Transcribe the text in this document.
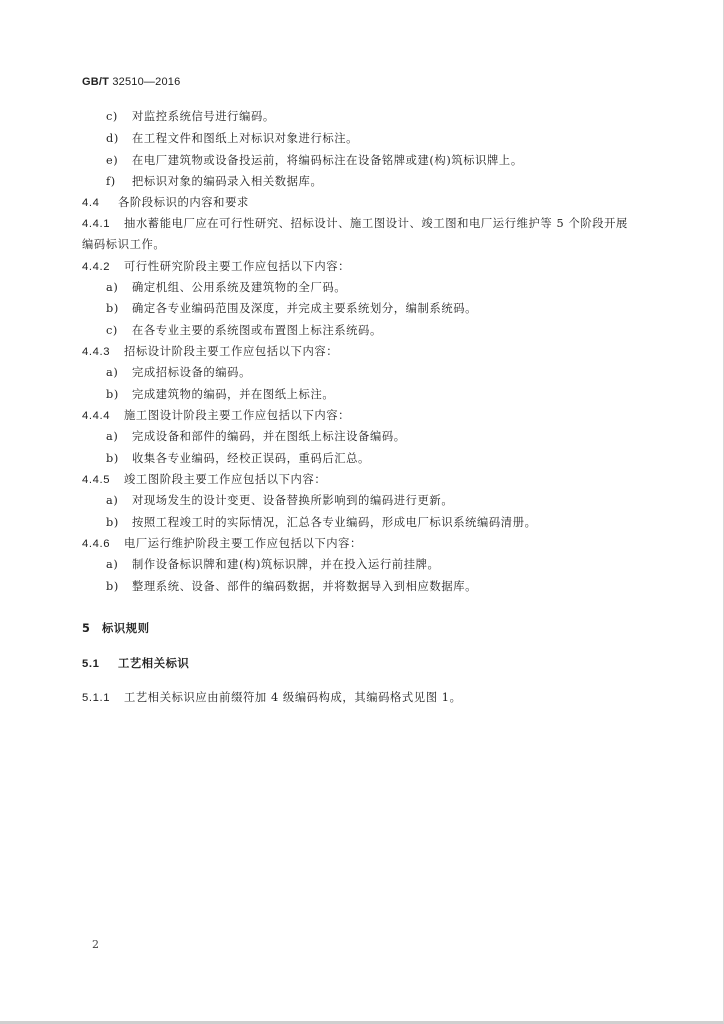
GB/T 32510—2016
c) 对监控系统信号进行编码。
d) 在工程文件和图纸上对标识对象进行标注。
e) 在电厂建筑物或设备投运前，将编码标注在设备铭牌或建(构)筑标识牌上。
f) 把标识对象的编码录入相关数据库。
4.4 各阶段标识的内容和要求
4.4.1 抽水蓄能电厂应在可行性研究、招标设计、施工图设计、竣工图和电厂运行维护等 5 个阶段开展
编码标识工作。
4.4.2 可行性研究阶段主要工作应包括以下内容：
a) 确定机组、公用系统及建筑物的全厂码。
b) 确定各专业编码范围及深度，并完成主要系统划分，编制系统码。
c) 在各专业主要的系统图或布置图上标注系统码。
4.4.3 招标设计阶段主要工作应包括以下内容：
a) 完成招标设备的编码。
b) 完成建筑物的编码，并在图纸上标注。
4.4.4 施工图设计阶段主要工作应包括以下内容：
a) 完成设备和部件的编码，并在图纸上标注设备编码。
b) 收集各专业编码，经校正误码，重码后汇总。
4.4.5 竣工图阶段主要工作应包括以下内容：
a) 对现场发生的设计变更、设备替换所影响到的编码进行更新。
b) 按照工程竣工时的实际情况，汇总各专业编码，形成电厂标识系统编码清册。
4.4.6 电厂运行维护阶段主要工作应包括以下内容：
a) 制作设备标识牌和建(构)筑标识牌，并在投入运行前挂牌。
b) 整理系统、设备、部件的编码数据，并将数据导入到相应数据库。
5 标识规则
5.1 工艺相关标识
5.1.1 工艺相关标识应由前缀符加 4 级编码构成，其编码格式见图 1。
2
